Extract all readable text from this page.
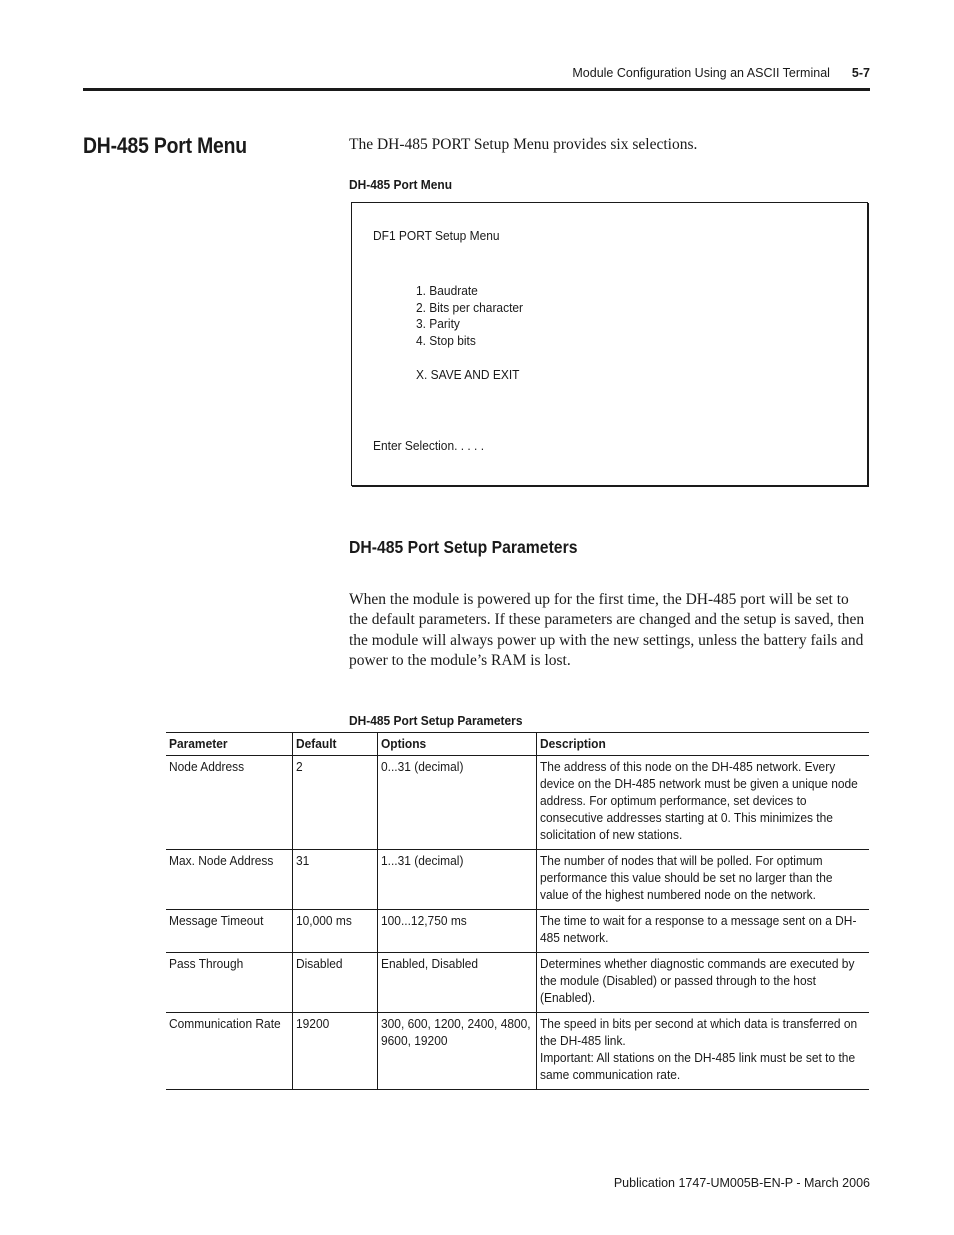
Module Configuration Using an ASCII Terminal 5-7
DH-485 Port Menu	The DH-485 PORT Setup Menu provides six selections.

DH-485 Port Menu

DF1 PORT Setup Menu
1. Baudrate
2. Bits per character
3. Parity
4. Stop bits
X. SAVE AND EXIT
Enter Selection. . . . .
DH-485 Port Setup Parameters

When the module is powered up for the first time, the DH-485 port will be set to the default parameters. If these parameters are changed and the setup is saved, then the module will always power up with the new settings, unless the battery fails and power to the module’s RAM is lost.

DH-485 Port Setup Parameters

Parameter	Default	Options	Description

Node Address	2	0...31 (decimal)	The address of this node on the DH-485 network. Every device on the DH-485 network must be given a unique node address. For optimum performance, set devices to consecutive addresses starting at 0. This minimizes the solicitation of new stations.

Max. Node Address	31	1...31 (decimal)	The number of nodes that will be polled. For optimum performance this value should be set no larger than the value of the highest numbered node on the network.

Message Timeout	10,000 ms	100...12,750 ms	The time to wait for a response to a message sent on a DH-485 network.

Pass Through	Disabled	Enabled, Disabled	Determines whether diagnostic commands are executed by the module (Disabled) or passed through to the host (Enabled).

Communication Rate	19200	300, 600, 1200, 2400, 4800, 9600, 19200	The speed in bits per second at which data is transferred on the DH-485 link.
Important: All stations on the DH-485 link must be set to the same communication rate.
Publication 1747-UM005B-EN-P - March 2006
